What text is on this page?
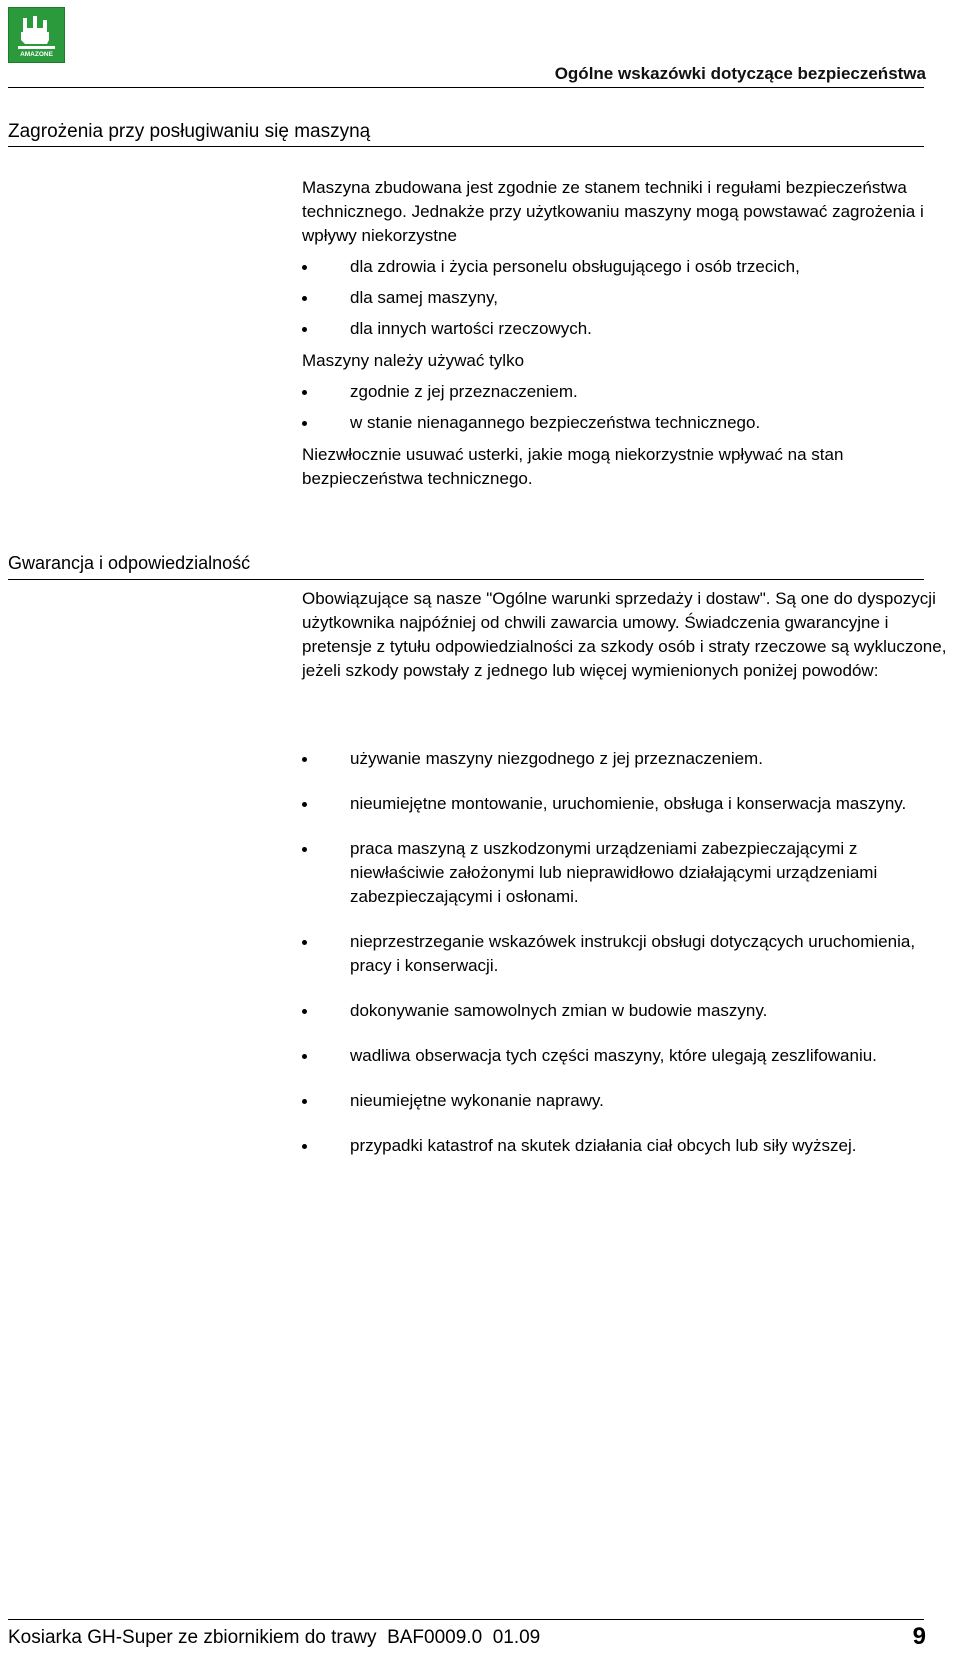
AMAZONE
Ogólne wskazówki dotyczące bezpieczeństwa
Zagrożenia przy posługiwaniu się maszyną
Maszyna zbudowana jest zgodnie ze stanem techniki i regułami bezpieczeństwa technicznego. Jednakże przy użytkowaniu maszyny mogą powstawać zagrożenia i wpływy niekorzystne
dla zdrowia i życia personelu obsługującego i osób trzecich,
dla samej maszyny,
dla innych wartości rzeczowych.
Maszyny należy używać tylko
zgodnie z jej przeznaczeniem.
w stanie nienagannego bezpieczeństwa technicznego.
Niezwłocznie usuwać usterki, jakie mogą niekorzystnie wpływać na stan bezpieczeństwa technicznego.
Gwarancja i odpowiedzialność
Obowiązujące są nasze "Ogólne warunki sprzedaży i dostaw". Są one do dyspozycji użytkownika najpóźniej od chwili zawarcia umowy. Świadczenia gwarancyjne i pretensje z tytułu odpowiedzialności za szkody osób i straty rzeczowe są wykluczone, jeżeli szkody powstały z jednego lub więcej wymienionych poniżej powodów:
używanie maszyny niezgodnego z jej przeznaczeniem.
nieumiejętne montowanie, uruchomienie, obsługa i konserwacja maszyny.
praca maszyną z uszkodzonymi urządzeniami zabezpieczającymi z niewłaściwie założonymi lub nieprawidłowo działającymi urządzeniami zabezpieczającymi i osłonami.
nieprzestrzeganie wskazówek instrukcji obsługi dotyczących uruchomienia, pracy i konserwacji.
dokonywanie samowolnych zmian w budowie maszyny.
wadliwa obserwacja tych części maszyny, które ulegają zeszlifowaniu.
nieumiejętne wykonanie naprawy.
przypadki katastrof na skutek działania ciał obcych lub siły wyższej.
Kosiarka GH-Super ze zbiornikiem do trawy  BAF0009.0  01.09	9
